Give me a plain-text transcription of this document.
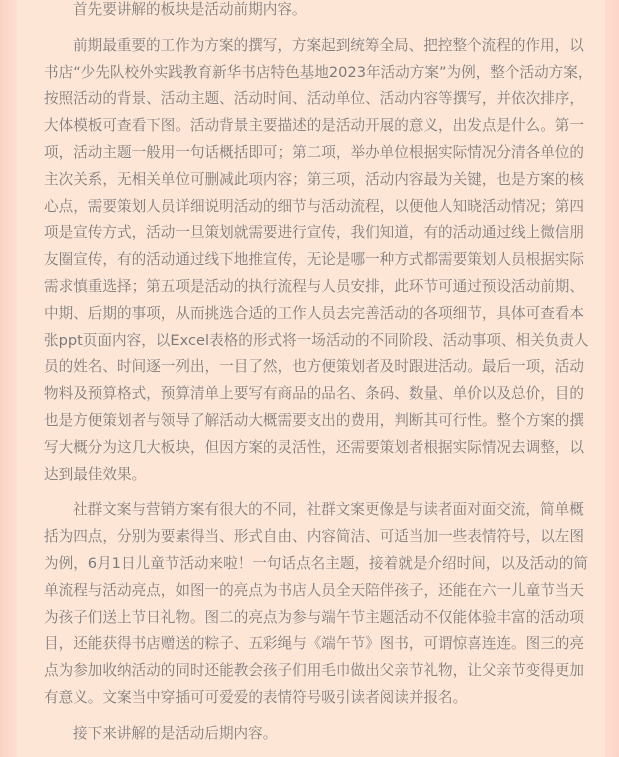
首先要讲解的板块是活动前期内容。
前期最重要的工作为方案的撰写，方案起到统筹全局、把控整个流程的作用，以
书店“少先队校外实践教育新华书店特色基地2023年活动方案”为例，整个活动方案，
按照活动的背景、活动主题、活动时间、活动单位、活动内容等撰写，并依次排序，
大体模板可查看下图。活动背景主要描述的是活动开展的意义，出发点是什么。第一
项，活动主题一般用一句话概括即可；第二项，举办单位根据实际情况分清各单位的
主次关系，无相关单位可删减此项内容；第三项，活动内容最为关键，也是方案的核
心点，需要策划人员详细说明活动的细节与活动流程，以便他人知晓活动情况；第四
项是宣传方式，活动一旦策划就需要进行宣传，我们知道，有的活动通过线上微信朋
友圈宣传，有的活动通过线下地推宣传，无论是哪一种方式都需要策划人员根据实际
需求慎重选择；第五项是活动的执行流程与人员安排，此环节可通过预设活动前期、
中期、后期的事项，从而挑选合适的工作人员去完善活动的各项细节，具体可查看本
张ppt页面内容，以Excel表格的形式将一场活动的不同阶段、活动事项、相关负责人
员的姓名、时间逐一列出，一目了然，也方便策划者及时跟进活动。最后一项，活动
物料及预算格式，预算清单上要写有商品的品名、条码、数量、单价以及总价，目的
也是方便策划者与领导了解活动大概需要支出的费用，判断其可行性。整个方案的撰
写大概分为这几大板块，但因方案的灵活性，还需要策划者根据实际情况去调整，以
达到最佳效果。
社群文案与营销方案有很大的不同，社群文案更像是与读者面对面交流，简单概
括为四点，分别为要素得当、形式自由、内容简洁、可适当加一些表情符号，以左图
为例，6月1日儿童节活动来啦！一句话点名主题，接着就是介绍时间，以及活动的简
单流程与活动亮点，如图一的亮点为书店人员全天陪伴孩子，还能在六一儿童节当天
为孩子们送上节日礼物。图二的亮点为参与端午节主题活动不仅能体验丰富的活动项
目，还能获得书店赠送的粽子、五彩绳与《端午节》图书，可谓惊喜连连。图三的亮
点为参加收纳活动的同时还能教会孩子们用毛巾做出父亲节礼物，让父亲节变得更加
有意义。文案当中穿插可可爱爱的表情符号吸引读者阅读并报名。
接下来讲解的是活动后期内容。
